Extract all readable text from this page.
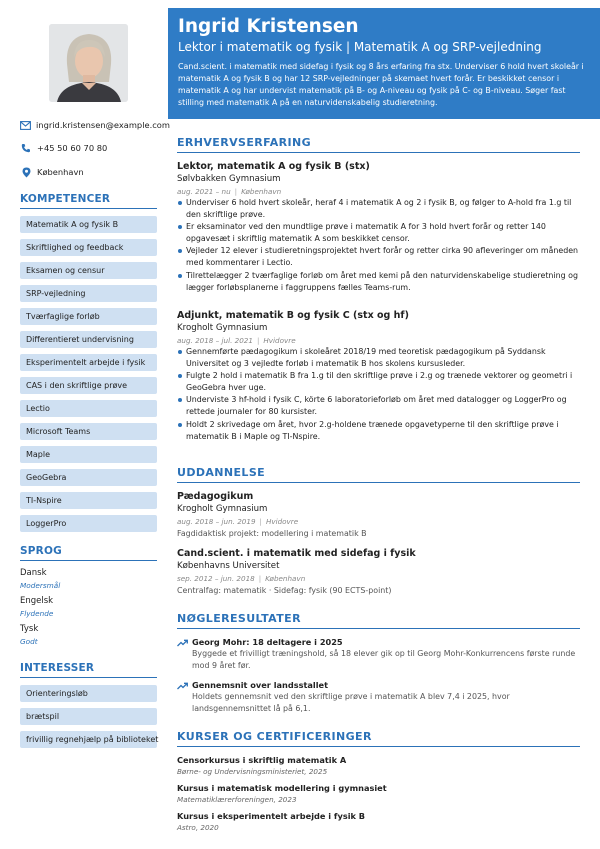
ingrid.kristensen@example.com
+45 50 60 70 80
København
KOMPETENCER
Matematik A og fysik B
Skriftlighed og feedback
Eksamen og censur
SRP-vejledning
Tværfaglige forløb
Differentieret undervisning
Eksperimentelt arbejde i fysik
CAS i den skriftlige prøve
Lectio
Microsoft Teams
Maple
GeoGebra
TI-Nspire
LoggerPro
SPROG
Dansk
Modersmål
Engelsk
Flydende
Tysk
Godt
INTERESSER
Orienteringsløb
brætspil
frivillig regnehjælp på biblioteket
Ingrid Kristensen
Lektor i matematik og fysik | Matematik A og SRP-vejledning
Cand.scient. i matematik med sidefag i fysik og 8 års erfaring fra stx. Underviser 6 hold hvert skoleår i matematik A og fysik B og har 12 SRP-vejledninger på skemaet hvert forår. Er beskikket censor i matematik A og har undervist matematik på B- og A-niveau og fysik på C- og B-niveau. Søger fast stilling med matematik A på en naturvidenskabelig studieretning.
ERHVERVSERFARING
Lektor, matematik A og fysik B (stx)
Sølvbakken Gymnasium
aug. 2021 – nu | København
Underviser 6 hold hvert skoleår, heraf 4 i matematik A og 2 i fysik B, og følger to A-hold fra 1.g til den skriftlige prøve.
Er eksaminator ved den mundtlige prøve i matematik A for 3 hold hvert forår og retter 140 opgavesæt i skriftlig matematik A som beskikket censor.
Vejleder 12 elever i studieretningsprojektet hvert forår og retter cirka 90 afleveringer om måneden med kommentarer i Lectio.
Tilrettelægger 2 tværfaglige forløb om året med kemi på den naturvidenskabelige studieretning og lægger forløbsplanerne i faggruppens fælles Teams-rum.
Adjunkt, matematik B og fysik C (stx og hf)
Krogholt Gymnasium
aug. 2018 – jul. 2021 | Hvidovre
Gennemførte pædagogikum i skoleåret 2018/19 med teoretisk pædagogikum på Syddansk Universitet og 3 vejledte forløb i matematik B hos skolens kursusleder.
Fulgte 2 hold i matematik B fra 1.g til den skriftlige prøve i 2.g og trænede vektorer og geometri i GeoGebra hver uge.
Underviste 3 hf-hold i fysik C, körte 6 laboratorieforløb om året med datalogger og LoggerPro og rettede journaler for 80 kursister.
Holdt 2 skrivedage om året, hvor 2.g-holdene trænede opgavetyperne til den skriftlige prøve i matematik B i Maple og TI-Nspire.
UDDANNELSE
Pædagogikum
Krogholt Gymnasium
aug. 2018 – jun. 2019 | Hvidovre
Fagdidaktisk projekt: modellering i matematik B
Cand.scient. i matematik med sidefag i fysik
Københavns Universitet
sep. 2012 – jun. 2018 | København
Centralfag: matematik · Sidefag: fysik (90 ECTS-point)
NØGLERESULTATER
Georg Mohr: 18 deltagere i 2025
Byggede et frivilligt træningshold, så 18 elever gik op til Georg Mohr-Konkurrencens første runde mod 9 året før.
Gennemsnit over landsstallet
Holdets gennemsnit ved den skriftlige prøve i matematik A blev 7,4 i 2025, hvor landsgennemsnittet lå på 6,1.
KURSER OG CERTIFICERINGER
Censorkursus i skriftlig matematik A
Børne- og Undervisningsministeriet, 2025
Kursus i matematisk modellering i gymnasiet
Matematiklærerforeningen, 2023
Kursus i eksperimentelt arbejde i fysik B
Astro, 2020
